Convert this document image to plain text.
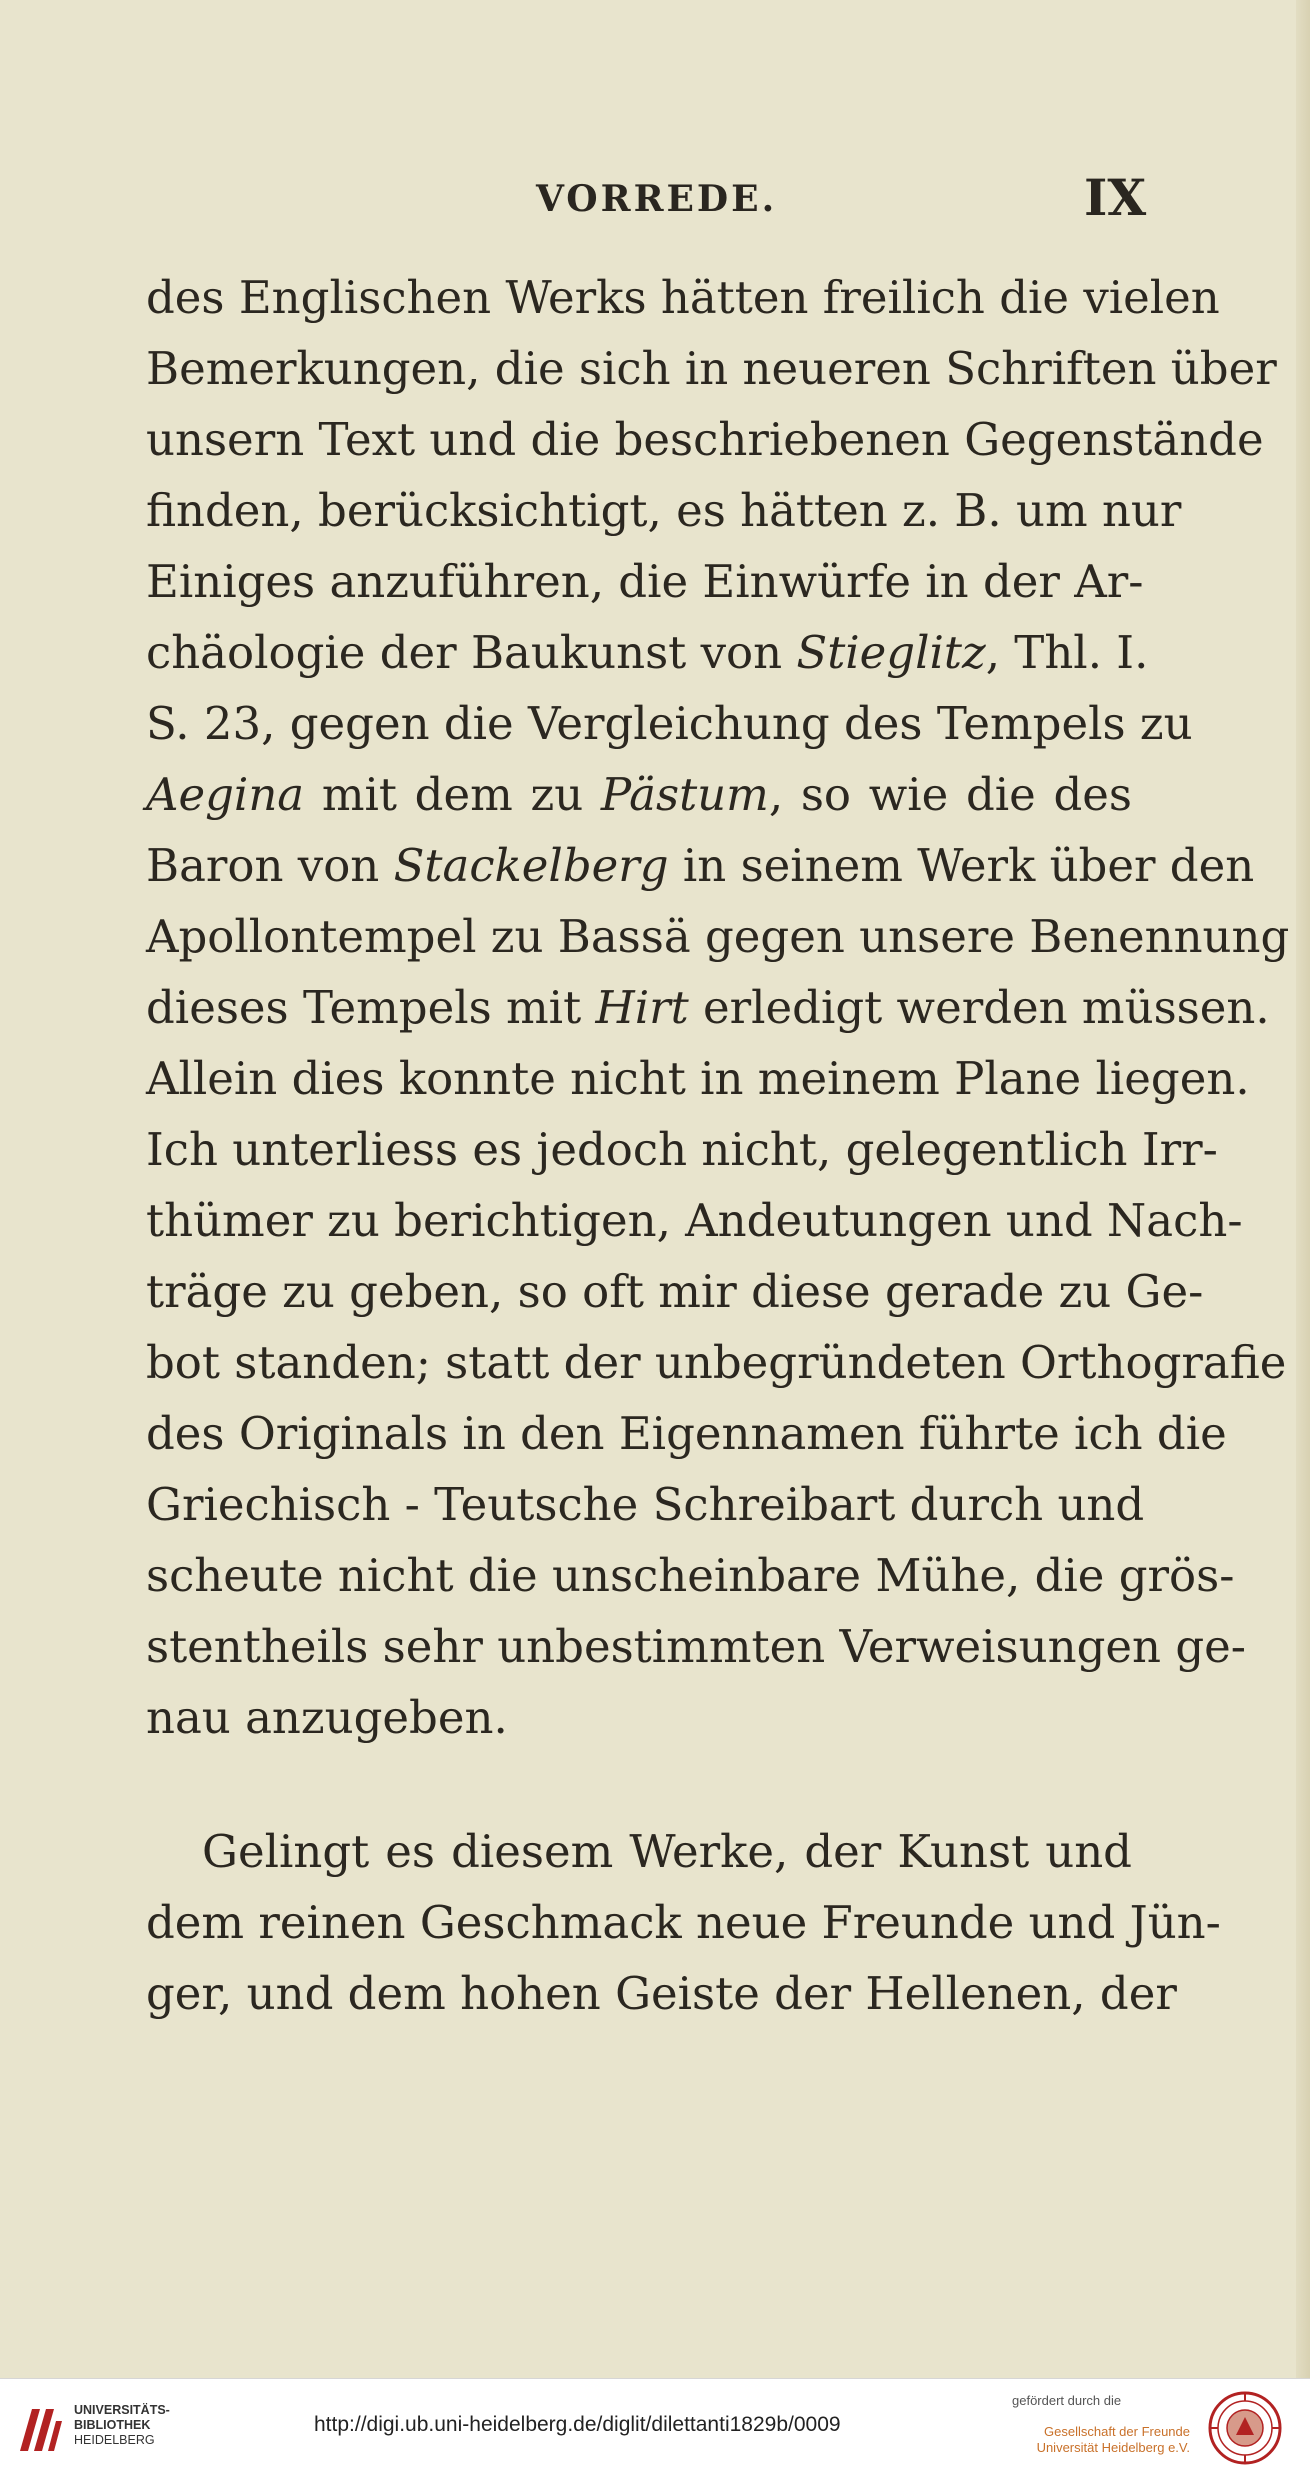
VORREDE.	IX
des Englischen Werks hätten freilich die vielen
Bemerkungen, die sich in neueren Schriften über
unsern Text und die beschriebenen Gegenstände
finden, berücksichtigt, es hätten z. B. um nur
Einiges anzuführen, die Einwürfe in der Ar-
chäologie der Baukunst von Stieglitz, Thl. I.
S. 23, gegen die Vergleichung des Tempels zu
Aegina mit dem zu Pästum, so wie die des
Baron von Stackelberg in seinem Werk über den
Apollontempel zu Bassä gegen unsere Benennung
dieses Tempels mit Hirt erledigt werden müssen.
Allein dies konnte nicht in meinem Plane liegen.
Ich unterliess es jedoch nicht, gelegentlich Irr-
thümer zu berichtigen, Andeutungen und Nach-
träge zu geben, so oft mir diese gerade zu Ge-
bot standen; statt der unbegründeten Orthografie
des Originals in den Eigennamen führte ich die
Griechisch - Teutsche Schreibart durch und
scheute nicht die unscheinbare Mühe, die grös-
stentheils sehr unbestimmten Verweisungen ge-
nau anzugeben.
Gelingt es diesem Werke, der Kunst und
dem reinen Geschmack neue Freunde und Jün-
ger, und dem hohen Geiste der Hellenen, der
UNIVERSITÄTS-
BIBLIOTHEK
HEIDELBERG
http://digi.ub.uni-heidelberg.de/diglit/dilettanti1829b/0009
gefördert durch die
Gesellschaft der Freunde
Universität Heidelberg e.V.
